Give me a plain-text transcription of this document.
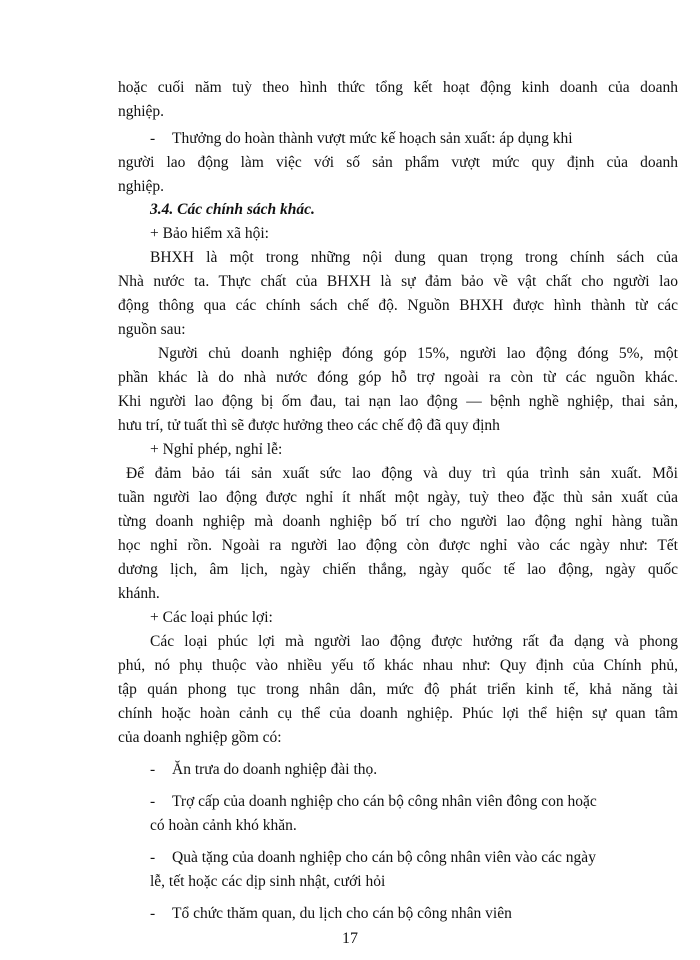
hoặc cuối năm tuỳ theo hình thức tổng kết hoạt động kinh doanh của doanh
nghiệp.
- Thưởng do hoàn thành vượt mức kế hoạch sản xuất: áp dụng khi
người lao động làm việc với số sản phẩm vượt mức quy định của doanh
nghiệp.
3.4. Các chính sách khác.
+ Bảo hiểm xã hội:
BHXH là một trong những nội dung quan trọng trong chính sách của
Nhà nước ta. Thực chất của BHXH là sự đảm bảo về vật chất cho người lao
động thông qua các chính sách chế độ. Nguồn BHXH được hình thành từ các
nguồn sau:
Người chủ doanh nghiệp đóng góp 15%, người lao động đóng 5%, một
phần khác là do nhà nước đóng góp hỗ trợ ngoài ra còn từ các nguồn khác.
Khi người lao động bị ốm đau, tai nạn lao động — bệnh nghề nghiệp, thai sản,
hưu trí, tử tuất thì sẽ được hưởng theo các chế độ đã quy định
+ Nghỉ phép, nghỉ lễ:
Để đảm bảo tái sản xuất sức lao động và duy trì qúa trình sản xuất. Mỗi
tuần người lao động được nghỉ ít nhất một ngày, tuỳ theo đặc thù sản xuất của
từng doanh nghiệp mà doanh nghiệp bố trí cho người lao động nghỉ hàng tuần
học nghỉ rồn. Ngoài ra người lao động còn được nghỉ vào các ngày như: Tết
dương lịch, âm lịch, ngày chiến thắng, ngày quốc tế lao động, ngày quốc
khánh.
+ Các loại phúc lợi:
Các loại phúc lợi mà người lao động được hưởng rất đa dạng và phong
phú, nó phụ thuộc vào nhiều yếu tố khác nhau như: Quy định của Chính phủ,
tập quán phong tục trong nhân dân, mức độ phát triển kinh tế, khả năng tài
chính hoặc hoàn cảnh cụ thể của doanh nghiệp. Phúc lợi thể hiện sự quan tâm
của doanh nghiệp gồm có:
- Ăn trưa do doanh nghiệp đài thọ.
- Trợ cấp của doanh nghiệp cho cán bộ công nhân viên đông con hoặc
có hoàn cảnh khó khăn.
- Quà tặng của doanh nghiệp cho cán bộ công nhân viên vào các ngày
lễ, tết hoặc các dịp sinh nhật, cưới hỏi
- Tổ chức thăm quan, du lịch cho cán bộ công nhân viên
17
